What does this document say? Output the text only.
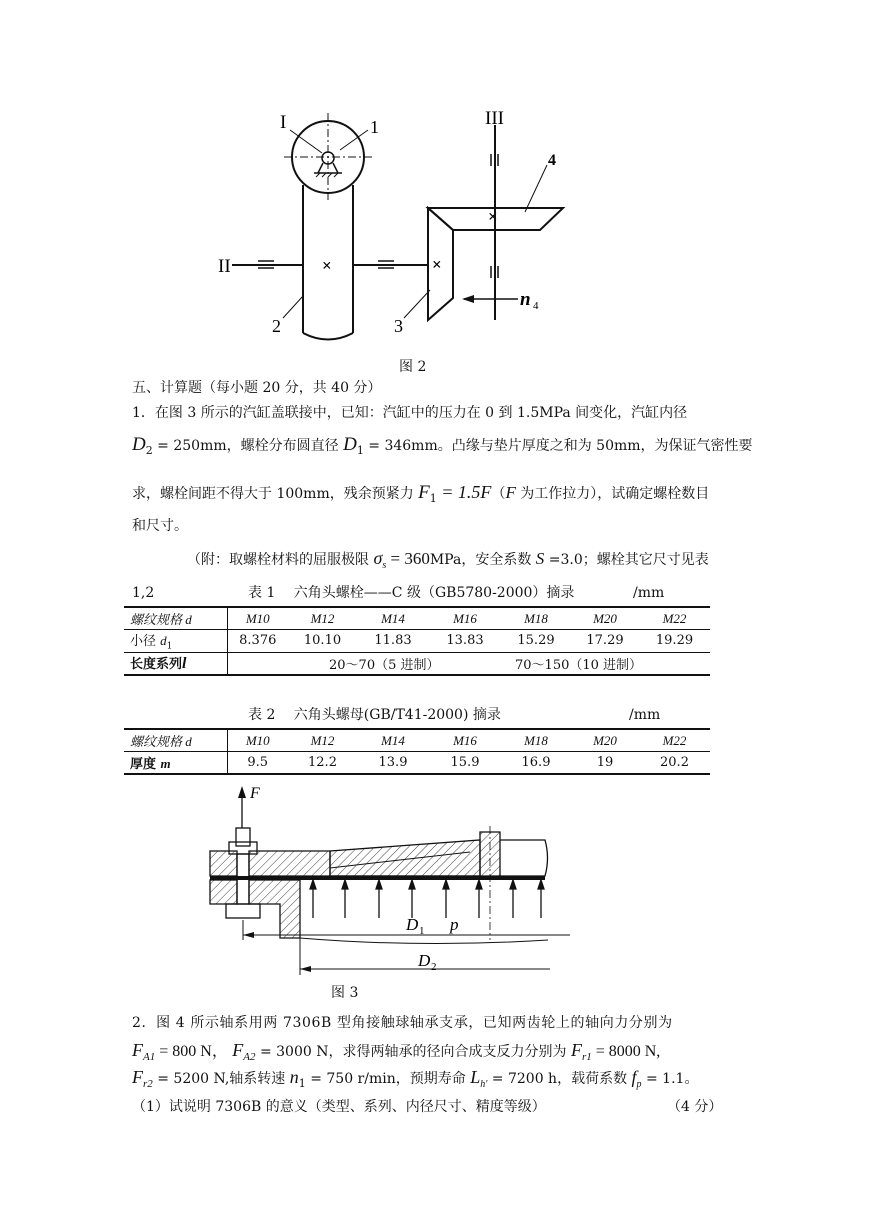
×	×
×
I	1
II
2	3
III
4
n 4
图 2
五、计算题（每小题 20 分，共 40 分）
1．在图 3 所示的汽缸盖联接中，已知：汽缸中的压力在 0 到 1.5MPa 间变化，汽缸内径
$D_2 = 250mm$，螺栓分布圆直径 $D_1 = 346mm$。凸缘与垫片厚度之和为 50mm，为保证气密性要
求，螺栓间距不得大于 100mm，残余预紧力 $F_1 = 1.5F(F$ 为工作拉力），试确定螺栓数目
和尺寸。
（附：取螺栓材料的屈服极限 $\sigma_s = 360MPa$，安全系数 S =3.0；螺栓其它尺寸见表
1,2	表 1　 六角头螺栓——C 级（GB5780-2000）摘录	/mm
螺纹规格 d	M10	M12	M14	M16	M18	M20	M22
小径 $d_1$	8.376	10.10	11.83	13.83	15.29	17.29	19.29
长度系列l	20～70（5 进制）				70～150（10 进制）		
表 2　 六角头螺母(GB/T41-2000) 摘录	/mm
螺纹规格 d	M10	M12	M14	M16	M18	M20	M22
厚度 m	9.5	12.2	13.9	15.9	16.9	19	20.2
F
D 1 p
D 2
图 3
2．图 4 所示轴系用两 7306B 型角接触球轴承支承，已知两齿轮上的轴向力分别为
$F_{A1} = 800$ N， $F_{A2} = 3000$ N，求得两轴承的径向合成支反力分别为 $F_{r1} = 8000$ N,
$F_{r2} = 5200$ N,轴系转速 $n_1 = 750$ r/min，预期寿命 $L_{h'} = 7200$ h，载荷系数 $f_p = 1.1$。
（1）试说明 7306B 的意义（类型、系列、内径尺寸、精度等级）	（4 分）
